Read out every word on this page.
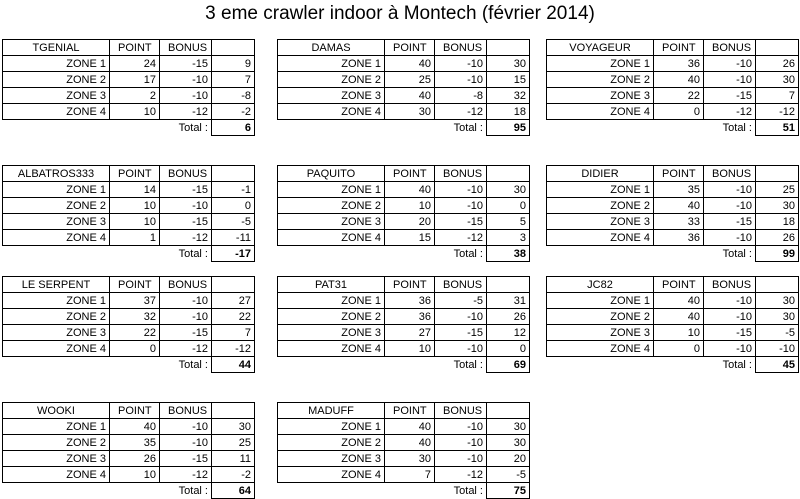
3 eme crawler indoor à Montech (février 2014)
TGENIAL	POINT	BONUS	
ZONE 1	24	-15	9
ZONE 2	17	-10	7
ZONE 3	2	-10	-8
ZONE 4	10	-12	-2
		Total :	6
DAMAS	POINT	BONUS	
ZONE 1	40	-10	30
ZONE 2	25	-10	15
ZONE 3	40	-8	32
ZONE 4	30	-12	18
		Total :	95
VOYAGEUR	POINT	BONUS	
ZONE 1	36	-10	26
ZONE 2	40	-10	30
ZONE 3	22	-15	7
ZONE 4	0	-12	-12
		Total :	51
ALBATROS333	POINT	BONUS	
ZONE 1	14	-15	-1
ZONE 2	10	-10	0
ZONE 3	10	-15	-5
ZONE 4	1	-12	-11
		Total :	-17
PAQUITO	POINT	BONUS	
ZONE 1	40	-10	30
ZONE 2	10	-10	0
ZONE 3	20	-15	5
ZONE 4	15	-12	3
		Total :	38
DIDIER	POINT	BONUS	
ZONE 1	35	-10	25
ZONE 2	40	-10	30
ZONE 3	33	-15	18
ZONE 4	36	-10	26
		Total :	99
LE SERPENT	POINT	BONUS	
ZONE 1	37	-10	27
ZONE 2	32	-10	22
ZONE 3	22	-15	7
ZONE 4	0	-12	-12
		Total :	44
PAT31	POINT	BONUS	
ZONE 1	36	-5	31
ZONE 2	36	-10	26
ZONE 3	27	-15	12
ZONE 4	10	-10	0
		Total :	69
JC82	POINT	BONUS	
ZONE 1	40	-10	30
ZONE 2	40	-10	30
ZONE 3	10	-15	-5
ZONE 4	0	-10	-10
		Total :	45
WOOKI	POINT	BONUS	
ZONE 1	40	-10	30
ZONE 2	35	-10	25
ZONE 3	26	-15	11
ZONE 4	10	-12	-2
		Total :	64
MADUFF	POINT	BONUS	
ZONE 1	40	-10	30
ZONE 2	40	-10	30
ZONE 3	30	-10	20
ZONE 4	7	-12	-5
		Total :	75
